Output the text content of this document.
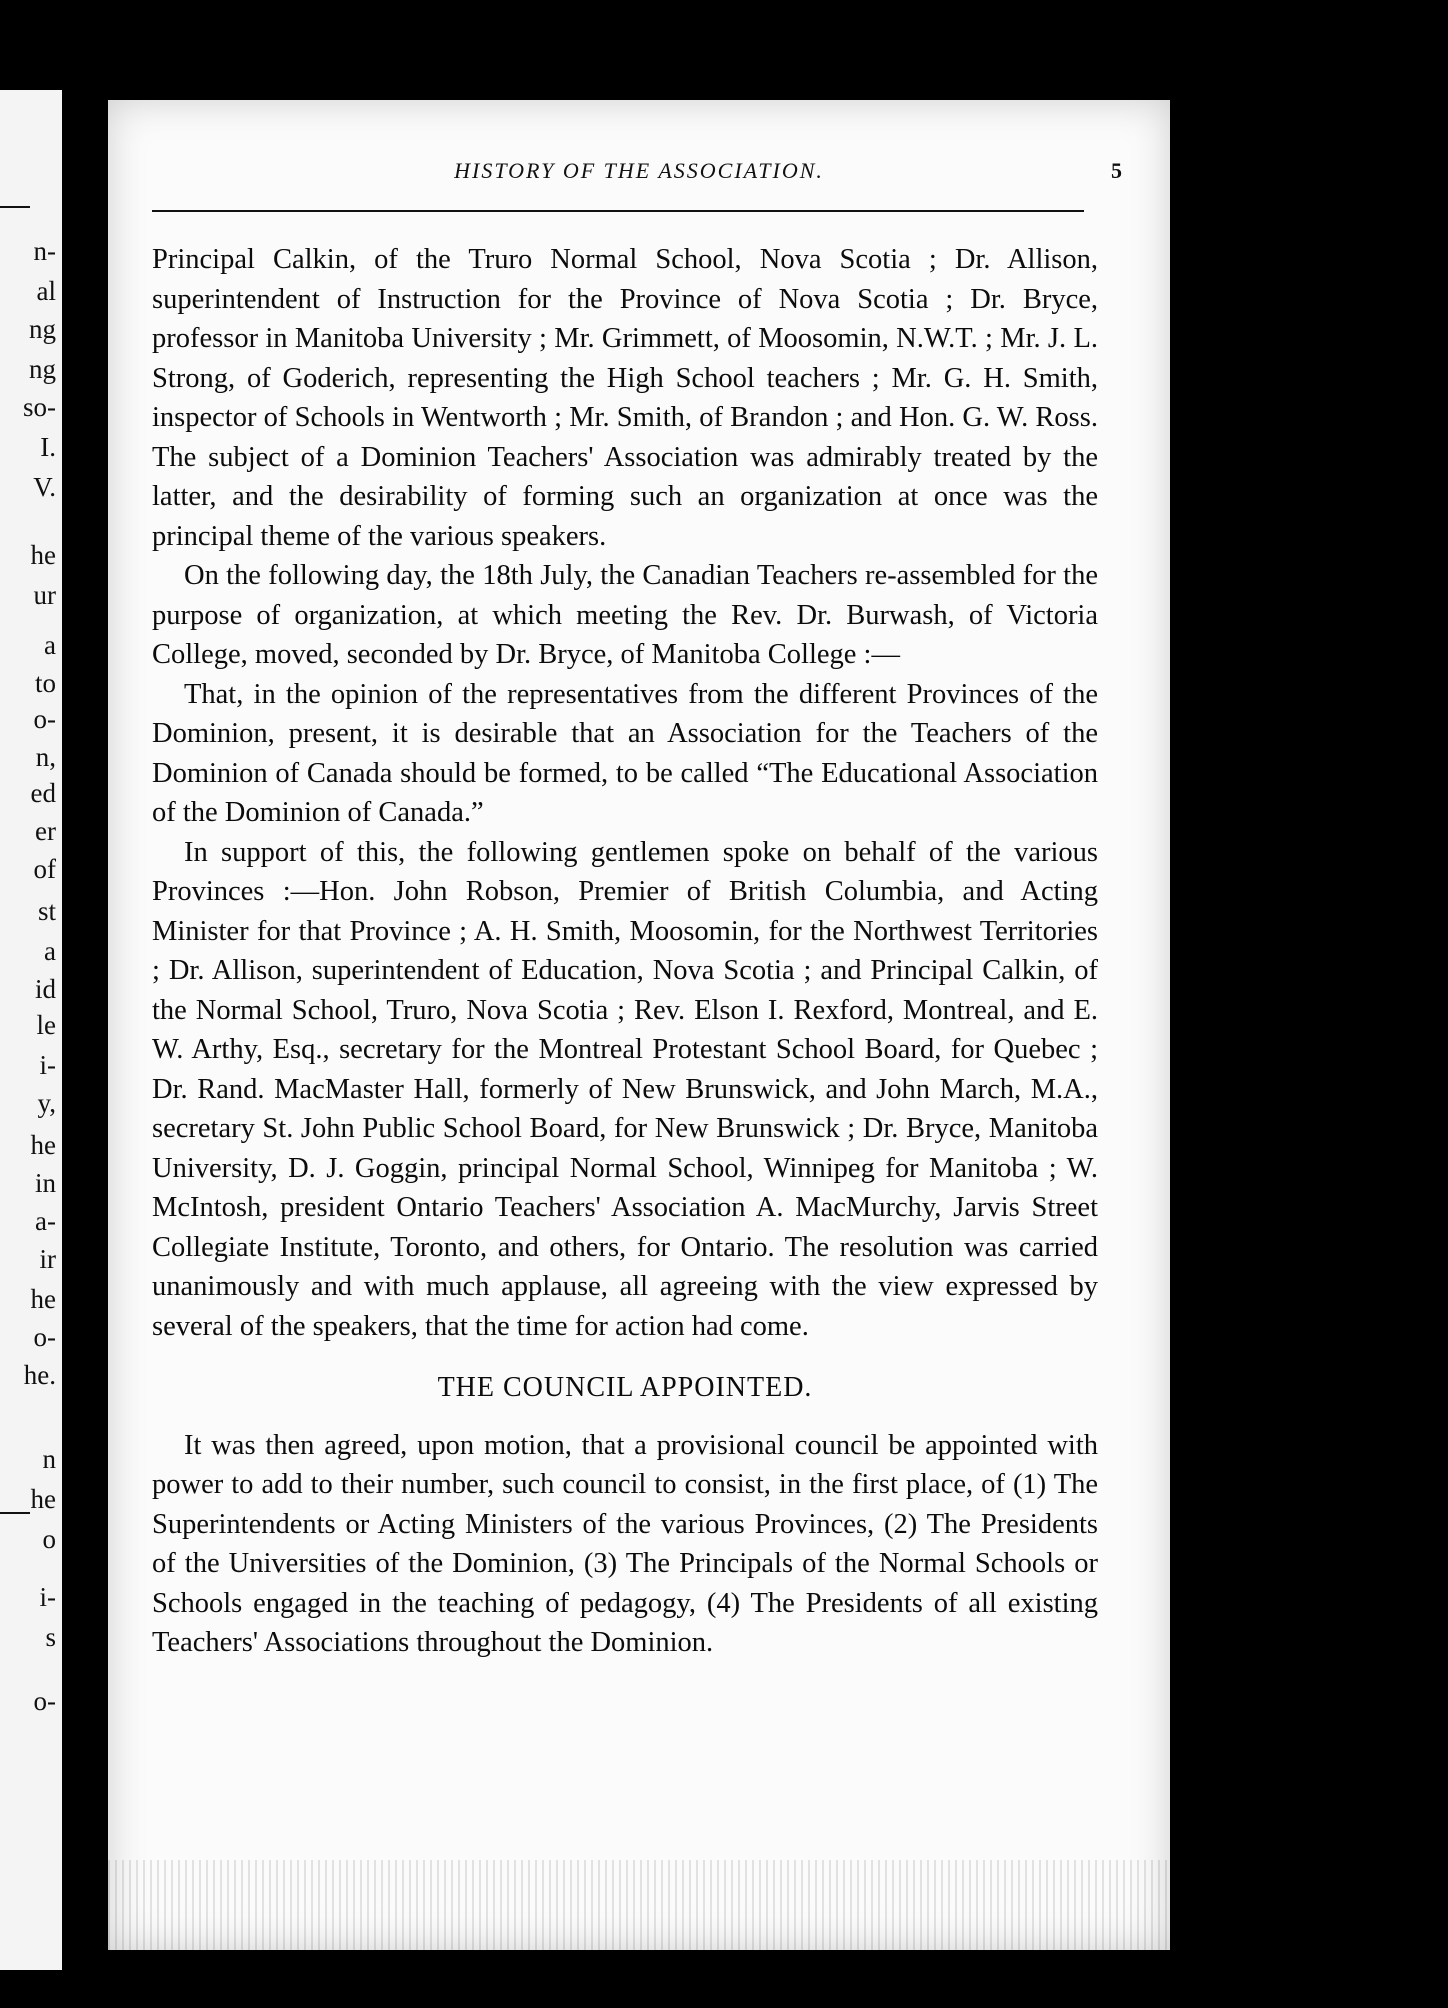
n-
al
ng
ng
so-
I.
V.
he
ur
a
to
o-
n,
ed
er
of
st
a
id
le
i-
y,
he
in
a-
ir
he
o-
he.
n
he
o
i-
s
o-
HISTORY OF THE ASSOCIATION.	5

Principal Calkin, of the Truro Normal School, Nova Scotia ; Dr. Allison, superintendent of Instruction for the Province of Nova Scotia ; Dr. Bryce, professor in Manitoba University ; Mr. Grimmett, of Moosomin, N.W.T. ; Mr. J. L. Strong, of Goderich, representing the High School teachers ; Mr. G. H. Smith, inspector of Schools in Wentworth ; Mr. Smith, of Brandon ; and Hon. G. W. Ross. The subject of a Dominion Teachers' Association was admirably treated by the latter, and the desirability of forming such an organization at once was the principal theme of the various speakers.

On the following day, the 18th July, the Canadian Teachers re-assembled for the purpose of organization, at which meeting the Rev. Dr. Burwash, of Victoria College, moved, seconded by Dr. Bryce, of Manitoba College :—

That, in the opinion of the representatives from the different Provinces of the Dominion, present, it is desirable that an Association for the Teachers of the Dominion of Canada should be formed, to be called “The Educational Association of the Dominion of Canada.”

In support of this, the following gentlemen spoke on behalf of the various Provinces :—Hon. John Robson, Premier of British Columbia, and Acting Minister for that Province ; A. H. Smith, Moosomin, for the Northwest Territories ; Dr. Allison, superintendent of Education, Nova Scotia ; and Principal Calkin, of the Normal School, Truro, Nova Scotia ; Rev. Elson I. Rexford, Montreal, and E. W. Arthy, Esq., secretary for the Montreal Protestant School Board, for Quebec ; Dr. Rand. MacMaster Hall, formerly of New Brunswick, and John March, M.A., secretary St. John Public School Board, for New Brunswick ; Dr. Bryce, Manitoba University, D. J. Goggin, principal Normal School, Winnipeg for Manitoba ; W. McIntosh, president Ontario Teachers' Association A. MacMurchy, Jarvis Street Collegiate Institute, Toronto, and others, for Ontario. The resolution was carried unanimously and with much applause, all agreeing with the view expressed by several of the speakers, that the time for action had come.

THE COUNCIL APPOINTED.

It was then agreed, upon motion, that a provisional council be appointed with power to add to their number, such council to consist, in the first place, of (1) The Superintendents or Acting Ministers of the various Provinces, (2) The Presidents of the Universities of the Dominion, (3) The Principals of the Normal Schools or Schools engaged in the teaching of pedagogy, (4) The Presidents of all existing Teachers' Associations throughout the Dominion.
